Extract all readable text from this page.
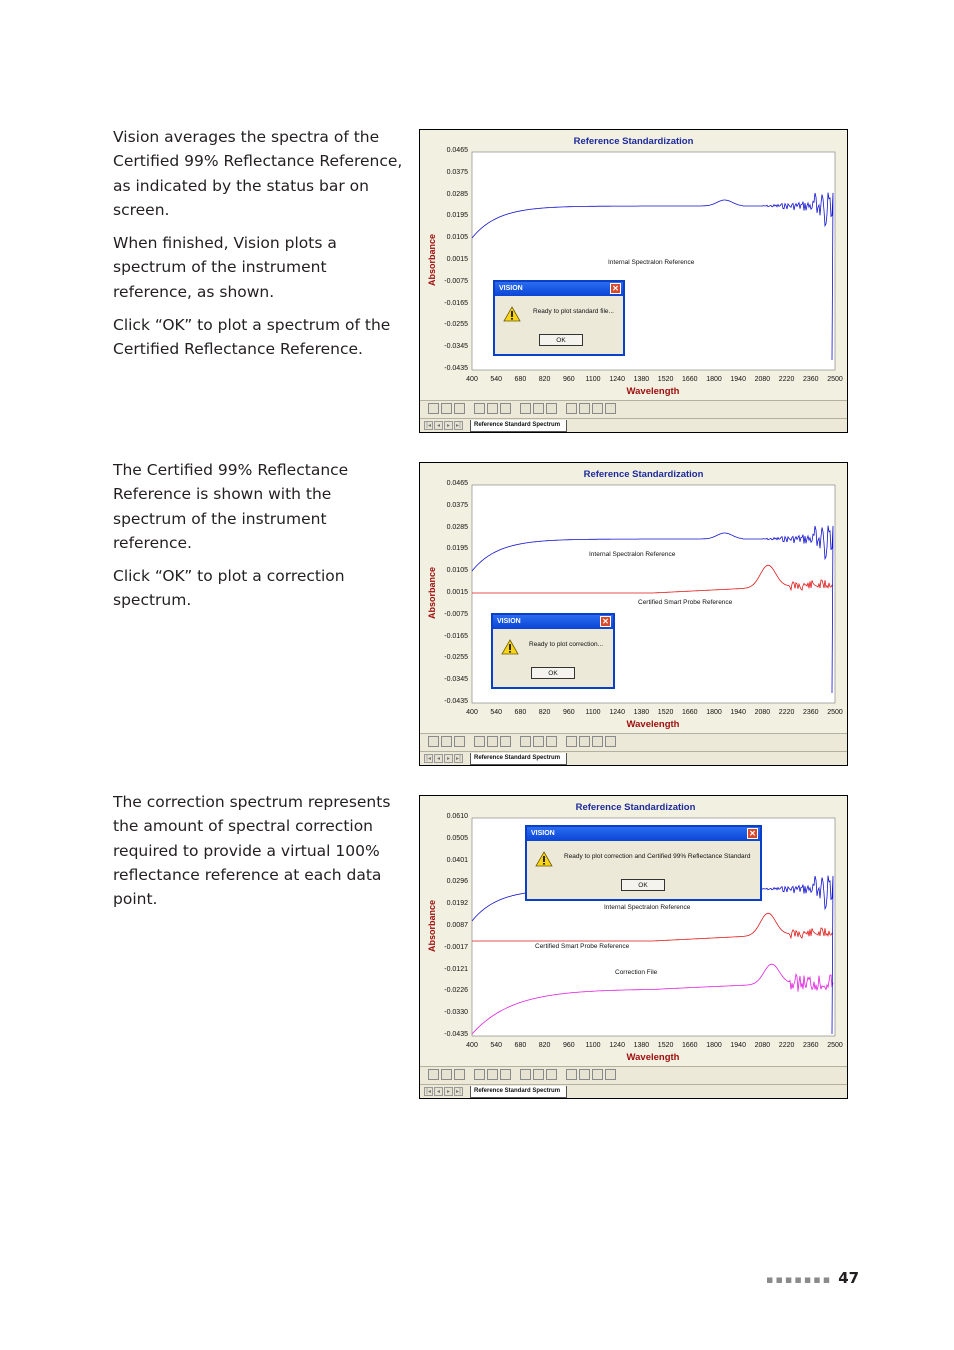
Vision averages the spectra of the Certified 99% Reflectance Reference, as indicated by the status bar on screen.

When finished, Vision plots a spectrum of the instrument reference, as shown.

Click “OK” to plot a spectrum of the Certified Reflectance Reference.

The Certified 99% Reflectance Reference is shown with the spectrum of the instrument reference.

Click “OK” to plot a correction spectrum.

The correction spectrum represents the amount of spectral correction required to provide a virtual 100% reflectance reference at each data point.

Reference Standardization
Absorbance
Wavelength
0.0465
0.0375
0.0285
0.0195
0.0105
0.0015
-0.0075
-0.0165
-0.0255
-0.0345
-0.0435
400	540	680	820	960	1100	1240	1380	1520	1660	1800	1940	2080	2220	2360	2500
Internal Spectralon Reference
VISION	✕
Ready to plot standard file...
OK
|◂ ◂	▸ ▸|	Reference Standard Spectrum
Reference Standardization
Absorbance
Wavelength
0.0465
0.0375
0.0285
0.0195
0.0105
0.0015
-0.0075
-0.0165
-0.0255
-0.0345
-0.0435
400	540	680	820	960	1100	1240	1380	1520	1660	1800	1940	2080	2220	2360	2500
Internal Spectralon Reference
Certified Smart Probe Reference
VISION	✕
Ready to plot correction...
OK
|◂ ◂	▸ ▸|	Reference Standard Spectrum
Reference Standardization
Absorbance
Wavelength
0.0610
0.0505
0.0401
0.0296
0.0192
0.0087
-0.0017
-0.0121
-0.0226
-0.0330
-0.0435
400	540	680	820	960	1100	1240	1380	1520	1660	1800	1940	2080	2220	2360	2500
Internal Spectralon Reference
Certified Smart Probe Reference
Correction File
VISION	✕
Ready to plot correction and Certified 99% Reflectance Standard
OK
|◂ ◂	▸ ▸|	Reference Standard Spectrum
▪▪▪▪▪▪▪ 47
